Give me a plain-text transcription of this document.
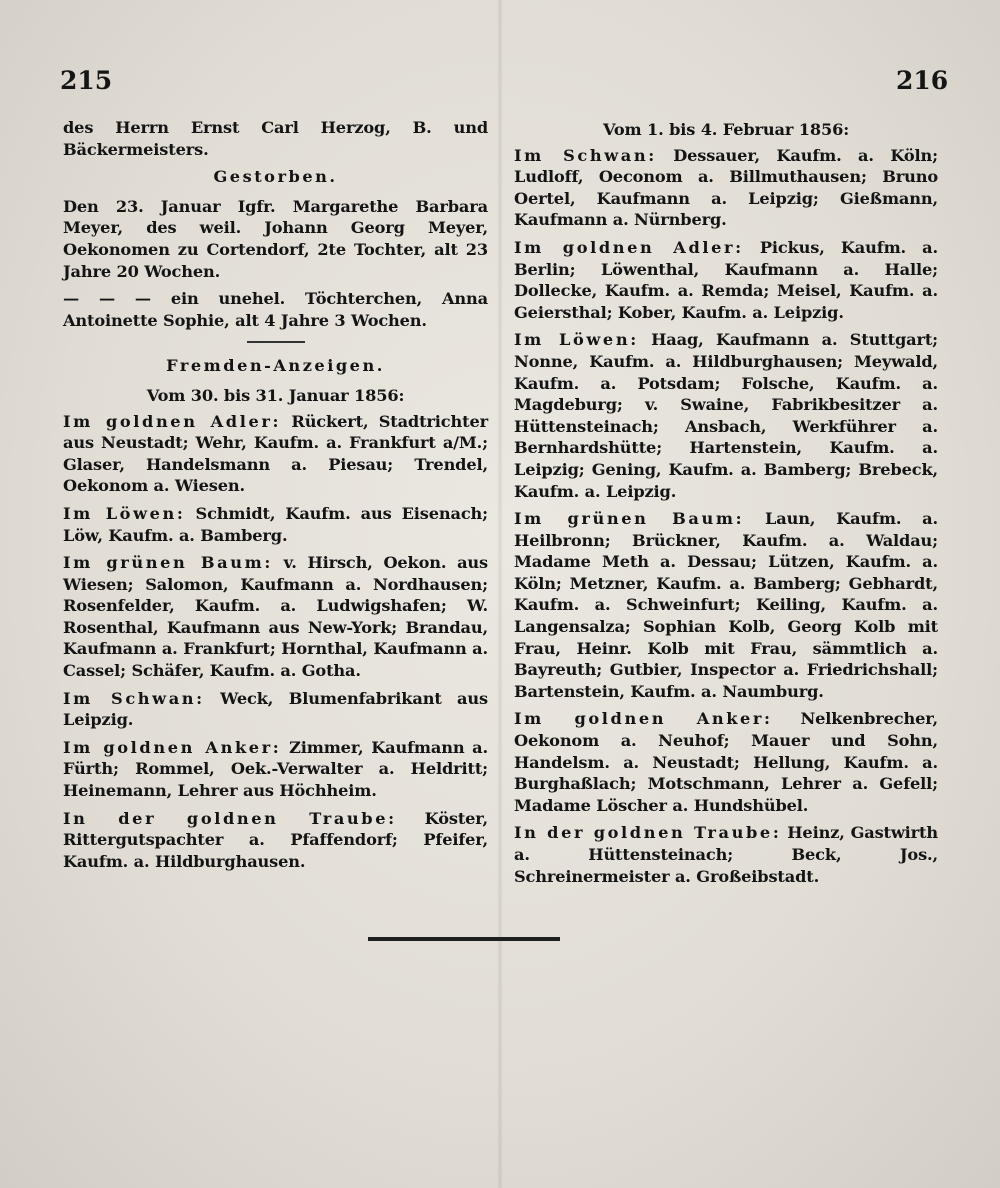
215	216
des Herrn Ernst Carl Herzog, B. und Bäckermeisters.
Gestorben.
Den 23. Januar Igfr. Margarethe Barbara Meyer, des weil. Johann Georg Meyer, Oekonomen zu Cortendorf, 2te Tochter, alt 23 Jahre 20 Wochen.
— — — ein unehel. Töchterchen, Anna Antoinette Sophie, alt 4 Jahre 3 Wochen.
Fremden-Anzeigen.
Vom 30. bis 31. Januar 1856:
Im goldnen Adler: Rückert, Stadtrichter aus Neustadt; Wehr, Kaufm. a. Frankfurt a/M.; Glaser, Handelsmann a. Piesau; Trendel, Oekonom a. Wiesen.
Im Löwen: Schmidt, Kaufm. aus Eisenach; Löw, Kaufm. a. Bamberg.
Im grünen Baum: v. Hirsch, Oekon. aus Wiesen; Salomon, Kaufmann a. Nordhausen; Rosenfelder, Kaufm. a. Ludwigshafen; W. Rosenthal, Kaufmann aus New-York; Brandau, Kaufmann a. Frankfurt; Hornthal, Kaufmann a. Cassel; Schäfer, Kaufm. a. Gotha.
Im Schwan: Weck, Blumenfabrikant aus Leipzig.
Im goldnen Anker: Zimmer, Kaufmann a. Fürth; Rommel, Oek.-Verwalter a. Heldritt; Heinemann, Lehrer aus Höchheim.
In der goldnen Traube: Köster, Rittergutspachter a. Pfaffendorf; Pfeifer, Kaufm. a. Hildburghausen.
Vom 1. bis 4. Februar 1856:
Im Schwan: Dessauer, Kaufm. a. Köln; Ludloff, Oeconom a. Billmuthausen; Bruno Oertel, Kaufmann a. Leipzig; Gießmann, Kaufmann a. Nürnberg.
Im goldnen Adler: Pickus, Kaufm. a. Berlin; Löwenthal, Kaufmann a. Halle; Dollecke, Kaufm. a. Remda; Meisel, Kaufm. a. Geiersthal; Kober, Kaufm. a. Leipzig.
Im Löwen: Haag, Kaufmann a. Stuttgart; Nonne, Kaufm. a. Hildburghausen; Meywald, Kaufm. a. Potsdam; Folsche, Kaufm. a. Magdeburg; v. Swaine, Fabrikbesitzer a. Hüttensteinach; Ansbach, Werkführer a. Bernhardshütte; Hartenstein, Kaufm. a. Leipzig; Gening, Kaufm. a. Bamberg; Brebeck, Kaufm. a. Leipzig.
Im grünen Baum: Laun, Kaufm. a. Heilbronn; Brückner, Kaufm. a. Waldau; Madame Meth a. Dessau; Lützen, Kaufm. a. Köln; Metzner, Kaufm. a. Bamberg; Gebhardt, Kaufm. a. Schweinfurt; Keiling, Kaufm. a. Langensalza; Sophian Kolb, Georg Kolb mit Frau, Heinr. Kolb mit Frau, sämmtlich a. Bayreuth; Gutbier, Inspector a. Friedrichshall; Bartenstein, Kaufm. a. Naumburg.
Im goldnen Anker: Nelkenbrecher, Oekonom a. Neuhof; Mauer und Sohn, Handelsm. a. Neustadt; Hellung, Kaufm. a. Burghaßlach; Motschmann, Lehrer a. Gefell; Madame Löscher a. Hundshübel.
In der goldnen Traube: Heinz, Gastwirth a. Hüttensteinach; Beck, Jos., Schreinermeister a. Großeibstadt.
